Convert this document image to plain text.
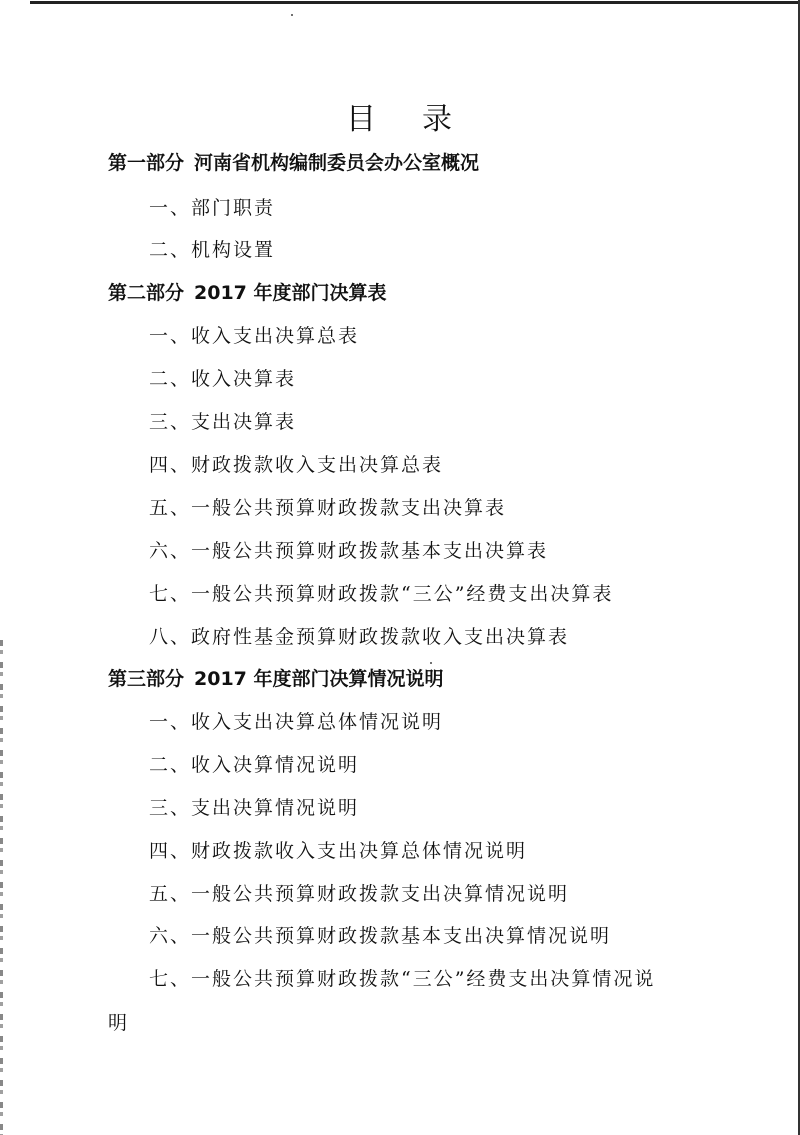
目 录
第一部分 河南省机构编制委员会办公室概况
一、部门职责
二、机构设置
第二部分 2017 年度部门决算表
一、收入支出决算总表
二、收入决算表
三、支出决算表
四、财政拨款收入支出决算总表
五、一般公共预算财政拨款支出决算表
六、一般公共预算财政拨款基本支出决算表
七、一般公共预算财政拨款“三公”经费支出决算表
八、政府性基金预算财政拨款收入支出决算表
第三部分 2017 年度部门决算情况说明
一、收入支出决算总体情况说明
二、收入决算情况说明
三、支出决算情况说明
四、财政拨款收入支出决算总体情况说明
五、一般公共预算财政拨款支出决算情况说明
六、一般公共预算财政拨款基本支出决算情况说明
七、一般公共预算财政拨款“三公”经费支出决算情况说
明
